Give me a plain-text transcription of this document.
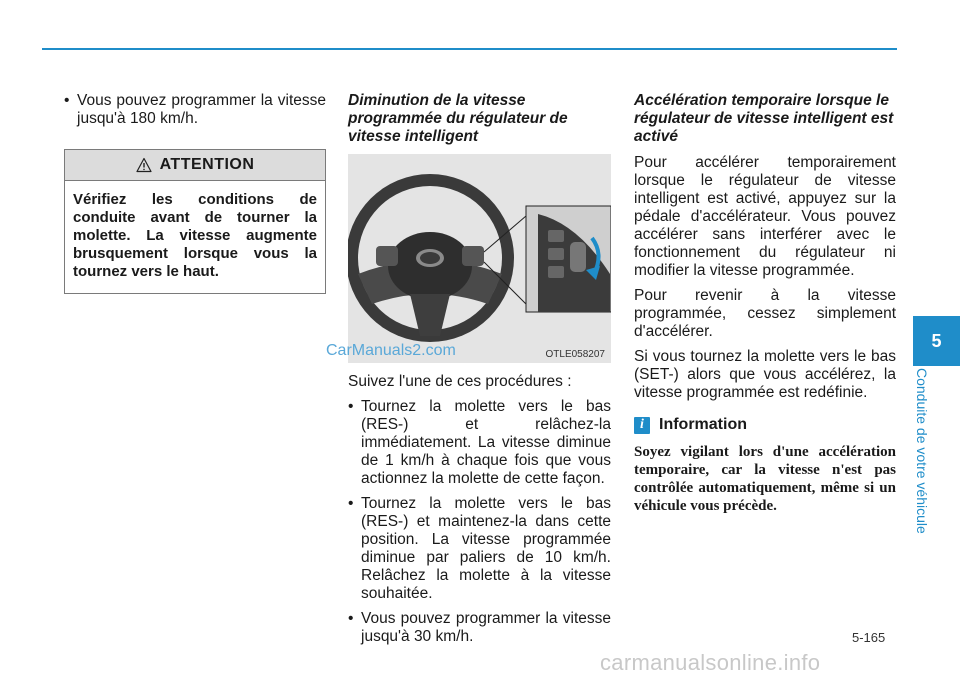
• Vous pouvez programmer la vitesse jusqu'à 180 km/h.
ATTENTION
Vérifiez les conditions de conduite avant de tourner la molette. La vitesse augmente brusquement lorsque vous la tournez vers le haut.
Diminution de la vitesse programmée du régulateur de vitesse intelligent
OTLE058207

Suivez l'une de ces procédures :

• Tournez la molette vers le bas (RES-) et relâchez-la immédiatement. La vitesse diminue de 1 km/h à chaque fois que vous actionnez la molette de cette façon.
• Tournez la molette vers le bas (RES-) et maintenez-la dans cette position. La vitesse programmée diminue par paliers de 10 km/h. Relâchez la molette à la vitesse souhaitée.
• Vous pouvez programmer la vitesse jusqu'à 30 km/h.
CarManuals2.com
Accélération temporaire lorsque le régulateur de vitesse intelligent est activé

Pour accélérer temporairement lorsque le régulateur de vitesse intelligent est activé, appuyez sur la pédale d'accélérateur. Vous pouvez accélérer sans interférer avec le fonctionnement du régulateur ni modifier la vitesse programmée.

Pour revenir à la vitesse programmée, cessez simplement d'accélérer.

Si vous tournez la molette vers le bas (SET-) alors que vous accélérez, la vitesse programmée est redéfinie.

i Information
Soyez vigilant lors d'une accélération temporaire, car la vitesse n'est pas contrôlée automatiquement, même si un véhicule vous précède.
5
Conduite de votre véhicule
5-165
carmanualsonline.info
